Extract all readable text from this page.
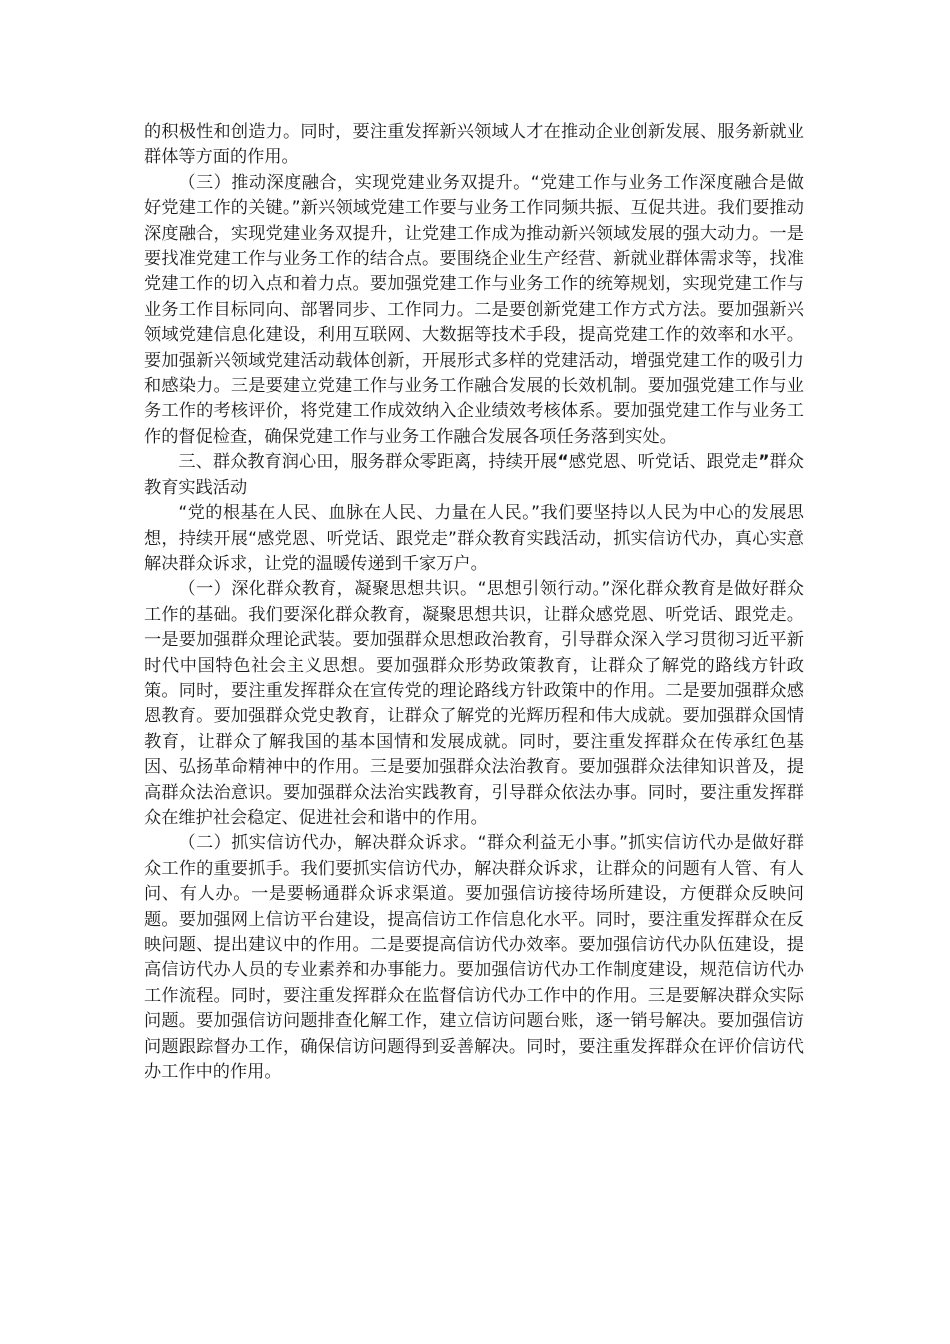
的积极性和创造力。同时，要注重发挥新兴领域人才在推动企业创新发展、服务新就业群体等方面的作用。

（三）推动深度融合，实现党建业务双提升。“党建工作与业务工作深度融合是做好党建工作的关键。”新兴领域党建工作要与业务工作同频共振、互促共进。我们要推动深度融合，实现党建业务双提升，让党建工作成为推动新兴领域发展的强大动力。一是要找准党建工作与业务工作的结合点。要围绕企业生产经营、新就业群体需求等，找准党建工作的切入点和着力点。要加强党建工作与业务工作的统筹规划，实现党建工作与业务工作目标同向、部署同步、工作同力。二是要创新党建工作方式方法。要加强新兴领域党建信息化建设，利用互联网、大数据等技术手段，提高党建工作的效率和水平。要加强新兴领域党建活动载体创新，开展形式多样的党建活动，增强党建工作的吸引力和感染力。三是要建立党建工作与业务工作融合发展的长效机制。要加强党建工作与业务工作的考核评价，将党建工作成效纳入企业绩效考核体系。要加强党建工作与业务工作的督促检查，确保党建工作与业务工作融合发展各项任务落到实处。

三、群众教育润心田，服务群众零距离，持续开展“感党恩、听党话、跟党走”群众教育实践活动

“党的根基在人民、血脉在人民、力量在人民。”我们要坚持以人民为中心的发展思想，持续开展“感党恩、听党话、跟党走”群众教育实践活动，抓实信访代办，真心实意解决群众诉求，让党的温暖传递到千家万户。

（一）深化群众教育，凝聚思想共识。“思想引领行动。”深化群众教育是做好群众工作的基础。我们要深化群众教育，凝聚思想共识，让群众感党恩、听党话、跟党走。一是要加强群众理论武装。要加强群众思想政治教育，引导群众深入学习贯彻习近平新时代中国特色社会主义思想。要加强群众形势政策教育，让群众了解党的路线方针政策。同时，要注重发挥群众在宣传党的理论路线方针政策中的作用。二是要加强群众感恩教育。要加强群众党史教育，让群众了解党的光辉历程和伟大成就。要加强群众国情教育，让群众了解我国的基本国情和发展成就。同时，要注重发挥群众在传承红色基因、弘扬革命精神中的作用。三是要加强群众法治教育。要加强群众法律知识普及，提高群众法治意识。要加强群众法治实践教育，引导群众依法办事。同时，要注重发挥群众在维护社会稳定、促进社会和谐中的作用。

（二）抓实信访代办，解决群众诉求。“群众利益无小事。”抓实信访代办是做好群众工作的重要抓手。我们要抓实信访代办，解决群众诉求，让群众的问题有人管、有人问、有人办。一是要畅通群众诉求渠道。要加强信访接待场所建设，方便群众反映问题。要加强网上信访平台建设，提高信访工作信息化水平。同时，要注重发挥群众在反映问题、提出建议中的作用。二是要提高信访代办效率。要加强信访代办队伍建设，提高信访代办人员的专业素养和办事能力。要加强信访代办工作制度建设，规范信访代办工作流程。同时，要注重发挥群众在监督信访代办工作中的作用。三是要解决群众实际问题。要加强信访问题排查化解工作，建立信访问题台账，逐一销号解决。要加强信访问题跟踪督办工作，确保信访问题得到妥善解决。同时，要注重发挥群众在评价信访代办工作中的作用。
